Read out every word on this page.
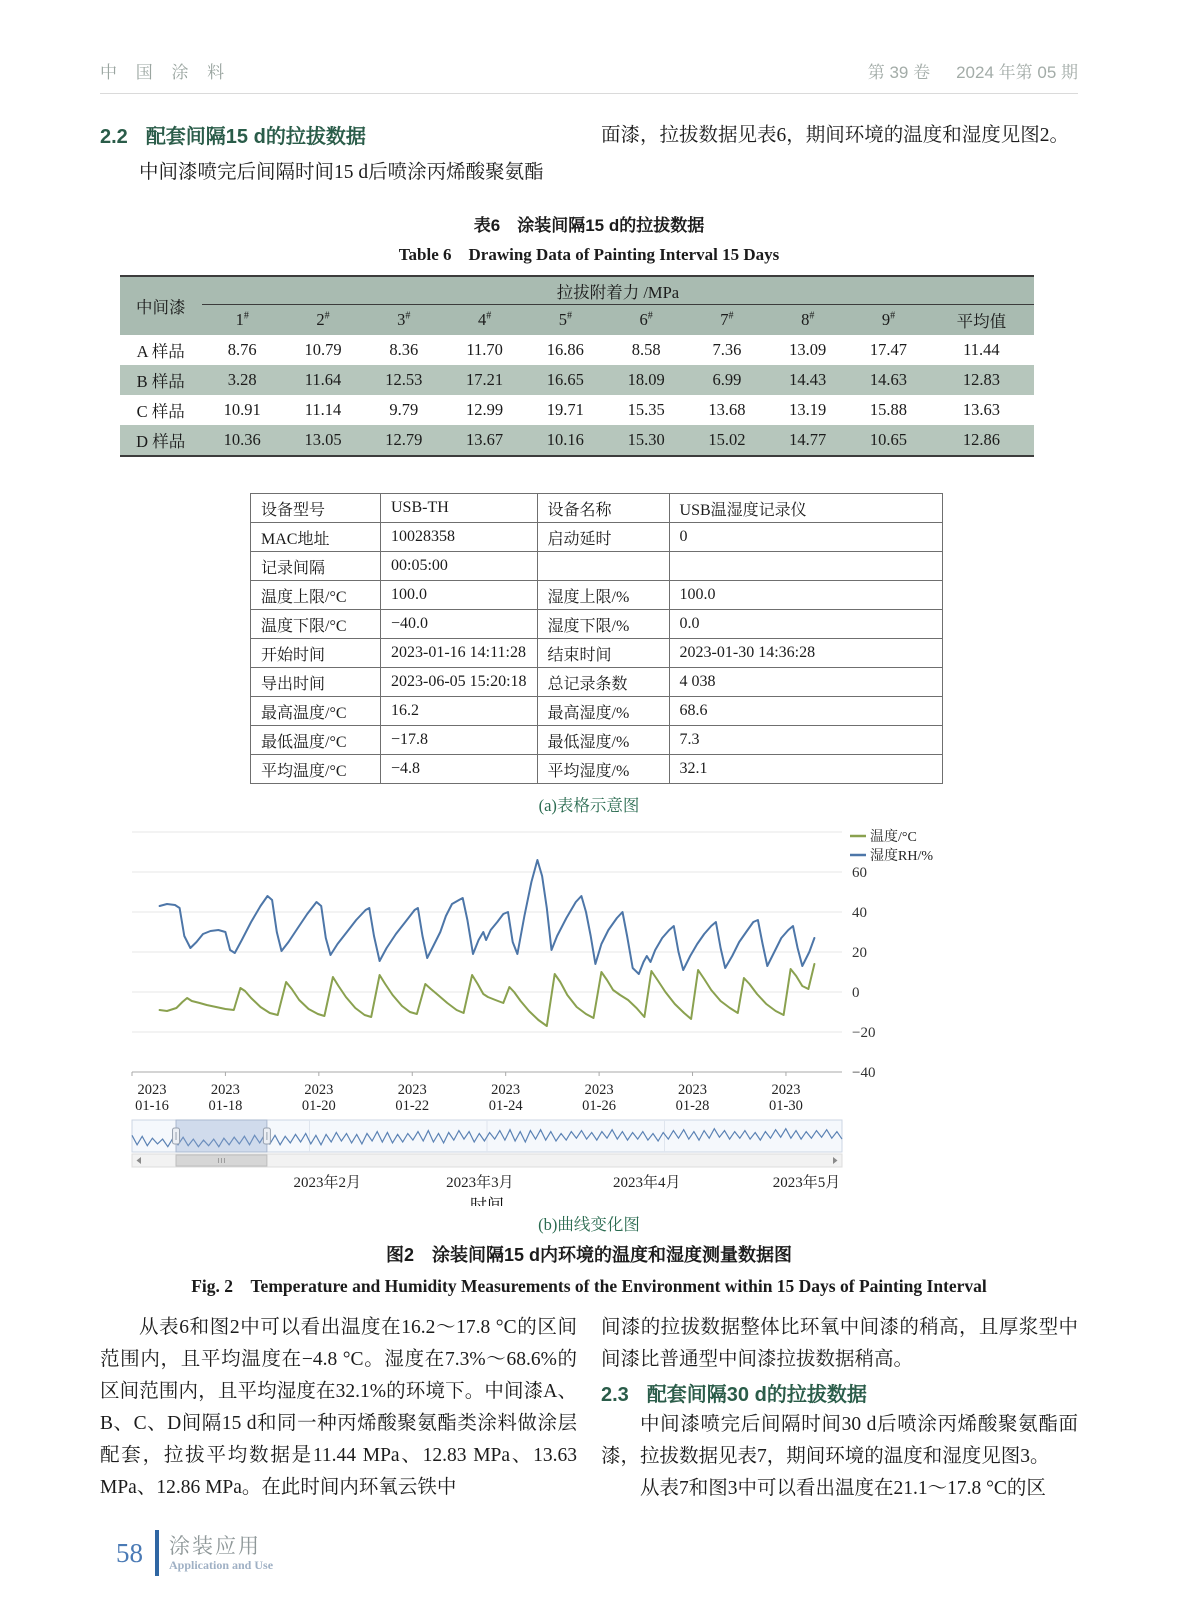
中 国 涂 料	第 39 卷 2024 年第 05 期
2.2 配套间隔15 d的拉拔数据

中间漆喷完后间隔时间15 d后喷涂丙烯酸聚氨酯

面漆，拉拔数据见表6，期间环境的温度和湿度见图2。

表6　涂装间隔15 d的拉拔数据
Table 6　Drawing Data of Painting Interval 15 Days
中间漆	拉拔附着力 /MPa									
	1#	2#	3#	4#	5#	6#	7#	8#	9#	平均值
A 样品	8.76	10.79	8.36	11.70	16.86	8.58	7.36	13.09	17.47	11.44
B 样品	3.28	11.64	12.53	17.21	16.65	18.09	6.99	14.43	14.63	12.83
C 样品	10.91	11.14	9.79	12.99	19.71	15.35	13.68	13.19	15.88	13.63
D 样品	10.36	13.05	12.79	13.67	10.16	15.30	15.02	14.77	10.65	12.86
设备型号	USB-TH	设备名称	USB温湿度记录仪
MAC地址	10028358	启动延时	0
记录间隔	00:05:00		
温度上限/°C	100.0	湿度上限/%	100.0
温度下限/°C	−40.0	湿度下限/%	0.0
开始时间	2023-01-16 14:11:28	结束时间	2023-01-30 14:36:28
导出时间	2023-06-05 15:20:18	总记录条数	4 038
最高温度/°C	16.2	最高湿度/%	68.6
最低温度/°C	−17.8	最低湿度/%	7.3
平均温度/°C	−4.8	平均湿度/%	32.1
(a)表格示意图
60
40
20
0
−20
−40
温度/°C
湿度RH/%
2023
01-16
2023
01-18
2023
01-20
2023
01-22
2023
01-24
2023
01-26
2023
01-28
2023
01-30
2023年2月	2023年3月	2023年4月	2023年5月
时间
(b)曲线变化图
图2　涂装间隔15 d内环境的温度和湿度测量数据图
Fig. 2　Temperature and Humidity Measurements of the Environment within 15 Days of Painting Interval

从表6和图2中可以看出温度在16.2～17.8 °C的区间范围内，且平均温度在−4.8 °C。湿度在7.3%～68.6%的区间范围内，且平均湿度在32.1%的环境下。中间漆A、B、C、D间隔15 d和同一种丙烯酸聚氨酯类涂料做涂层配套，拉拔平均数据是11.44 MPa、12.83 MPa、13.63 MPa、12.86 MPa。在此时间内环氧云铁中

间漆的拉拔数据整体比环氧中间漆的稍高，且厚浆型中间漆比普通型中间漆拉拔数据稍高。

2.3 配套间隔30 d的拉拔数据

中间漆喷完后间隔时间30 d后喷涂丙烯酸聚氨酯面漆，拉拔数据见表7，期间环境的温度和湿度见图3。

从表7和图3中可以看出温度在21.1～17.8 °C的区

58 涂装应用
Application and Use
